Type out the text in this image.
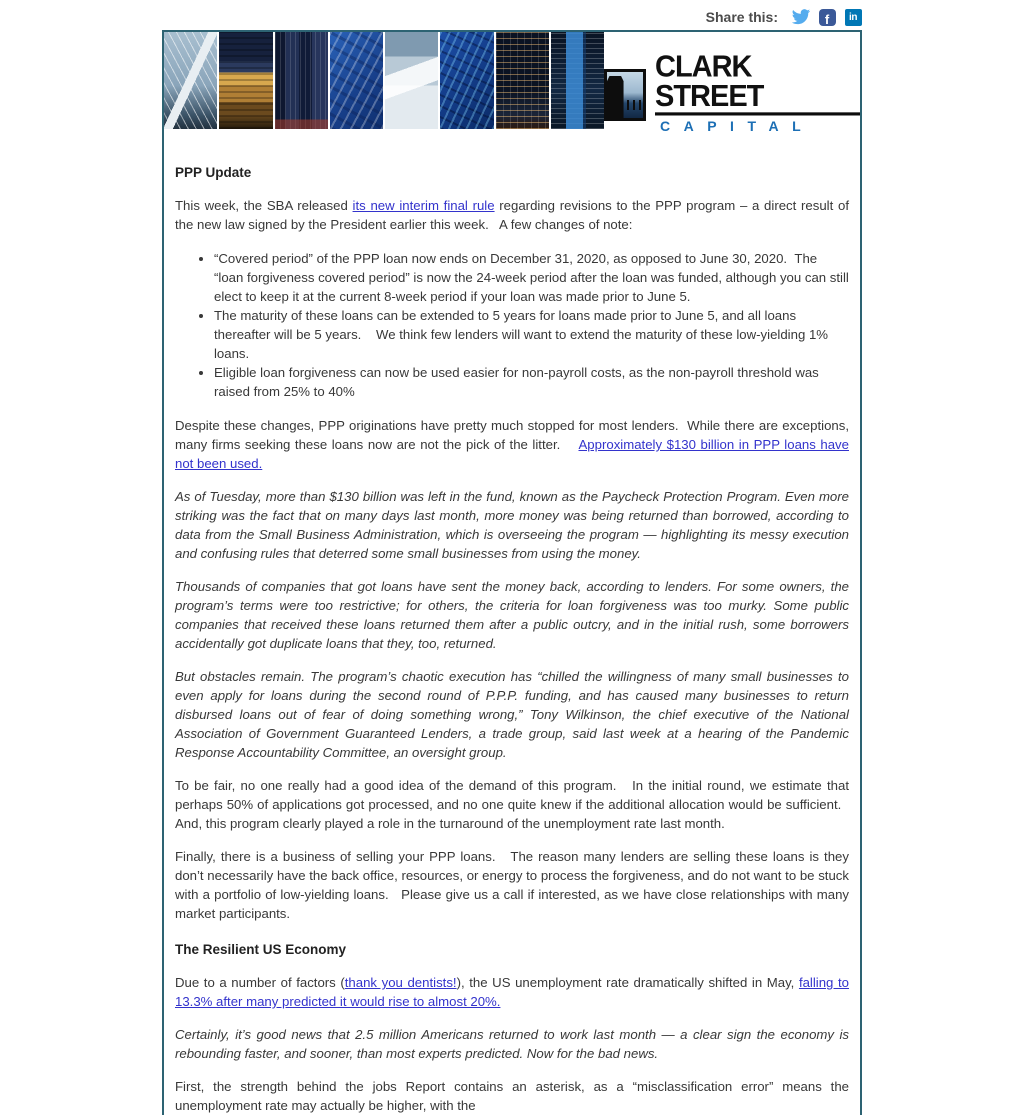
Share this:	f	in
CLARK STREET
CAPITAL
PPP Update

This week, the SBA released its new interim final rule regarding revisions to the PPP program – a direct result of the new law signed by the President earlier this week.   A few changes of note:

• “Covered period” of the PPP loan now ends on December 31, 2020, as opposed to June 30, 2020.  The “loan forgiveness covered period” is now the 24-week period after the loan was funded, although you can still elect to keep it at the current 8-week period if your loan was made prior to June 5.
• The maturity of these loans can be extended to 5 years for loans made prior to June 5, and all loans thereafter will be 5 years.    We think few lenders will want to extend the maturity of these low-yielding 1% loans.
• Eligible loan forgiveness can now be used easier for non-payroll costs, as the non-payroll threshold was raised from 25% to 40%

Despite these changes, PPP originations have pretty much stopped for most lenders.  While there are exceptions, many firms seeking these loans now are not the pick of the litter.    Approximately $130 billion in PPP loans have not been used.

As of Tuesday, more than $130 billion was left in the fund, known as the Paycheck Protection Program. Even more striking was the fact that on many days last month, more money was being returned than borrowed, according to data from the Small Business Administration, which is overseeing the program — highlighting its messy execution and confusing rules that deterred some small businesses from using the money.

Thousands of companies that got loans have sent the money back, according to lenders. For some owners, the program’s terms were too restrictive; for others, the criteria for loan forgiveness was too murky. Some public companies that received these loans returned them after a public outcry, and in the initial rush, some borrowers accidentally got duplicate loans that they, too, returned.

But obstacles remain. The program’s chaotic execution has “chilled the willingness of many small businesses to even apply for loans during the second round of P.P.P. funding, and has caused many businesses to return disbursed loans out of fear of doing something wrong,” Tony Wilkinson, the chief executive of the National Association of Government Guaranteed Lenders, a trade group, said last week at a hearing of the Pandemic Response Accountability Committee, an oversight group.

To be fair, no one really had a good idea of the demand of this program.   In the initial round, we estimate that perhaps 50% of applications got processed, and no one quite knew if the additional allocation would be sufficient.   And, this program clearly played a role in the turnaround of the unemployment rate last month.

Finally, there is a business of selling your PPP loans.   The reason many lenders are selling these loans is they don’t necessarily have the back office, resources, or energy to process the forgiveness, and do not want to be stuck with a portfolio of low-yielding loans.   Please give us a call if interested, as we have close relationships with many market participants.

The Resilient US Economy

Due to a number of factors (thank you dentists!), the US unemployment rate dramatically shifted in May, falling to 13.3% after many predicted it would rise to almost 20%.

Certainly, it’s good news that 2.5 million Americans returned to work last month — a clear sign the economy is rebounding faster, and sooner, than most experts predicted. Now for the bad news.

First, the strength behind the jobs Report contains an asterisk, as a “misclassification error” means the unemployment rate may actually be higher, with the
